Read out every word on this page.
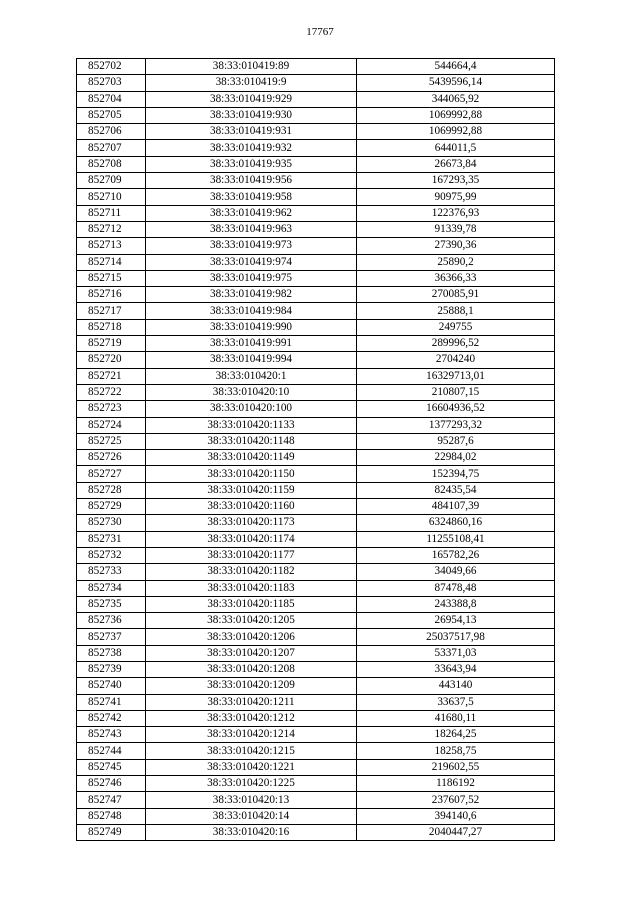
17767
852702	38:33:010419:89	544664,4
852703	38:33:010419:9	5439596,14
852704	38:33:010419:929	344065,92
852705	38:33:010419:930	1069992,88
852706	38:33:010419:931	1069992,88
852707	38:33:010419:932	644011,5
852708	38:33:010419:935	26673,84
852709	38:33:010419:956	167293,35
852710	38:33:010419:958	90975,99
852711	38:33:010419:962	122376,93
852712	38:33:010419:963	91339,78
852713	38:33:010419:973	27390,36
852714	38:33:010419:974	25890,2
852715	38:33:010419:975	36366,33
852716	38:33:010419:982	270085,91
852717	38:33:010419:984	25888,1
852718	38:33:010419:990	249755
852719	38:33:010419:991	289996,52
852720	38:33:010419:994	2704240
852721	38:33:010420:1	16329713,01
852722	38:33:010420:10	210807,15
852723	38:33:010420:100	16604936,52
852724	38:33:010420:1133	1377293,32
852725	38:33:010420:1148	95287,6
852726	38:33:010420:1149	22984,02
852727	38:33:010420:1150	152394,75
852728	38:33:010420:1159	82435,54
852729	38:33:010420:1160	484107,39
852730	38:33:010420:1173	6324860,16
852731	38:33:010420:1174	11255108,41
852732	38:33:010420:1177	165782,26
852733	38:33:010420:1182	34049,66
852734	38:33:010420:1183	87478,48
852735	38:33:010420:1185	243388,8
852736	38:33:010420:1205	26954,13
852737	38:33:010420:1206	25037517,98
852738	38:33:010420:1207	53371,03
852739	38:33:010420:1208	33643,94
852740	38:33:010420:1209	443140
852741	38:33:010420:1211	33637,5
852742	38:33:010420:1212	41680,11
852743	38:33:010420:1214	18264,25
852744	38:33:010420:1215	18258,75
852745	38:33:010420:1221	219602,55
852746	38:33:010420:1225	1186192
852747	38:33:010420:13	237607,52
852748	38:33:010420:14	394140,6
852749	38:33:010420:16	2040447,27
